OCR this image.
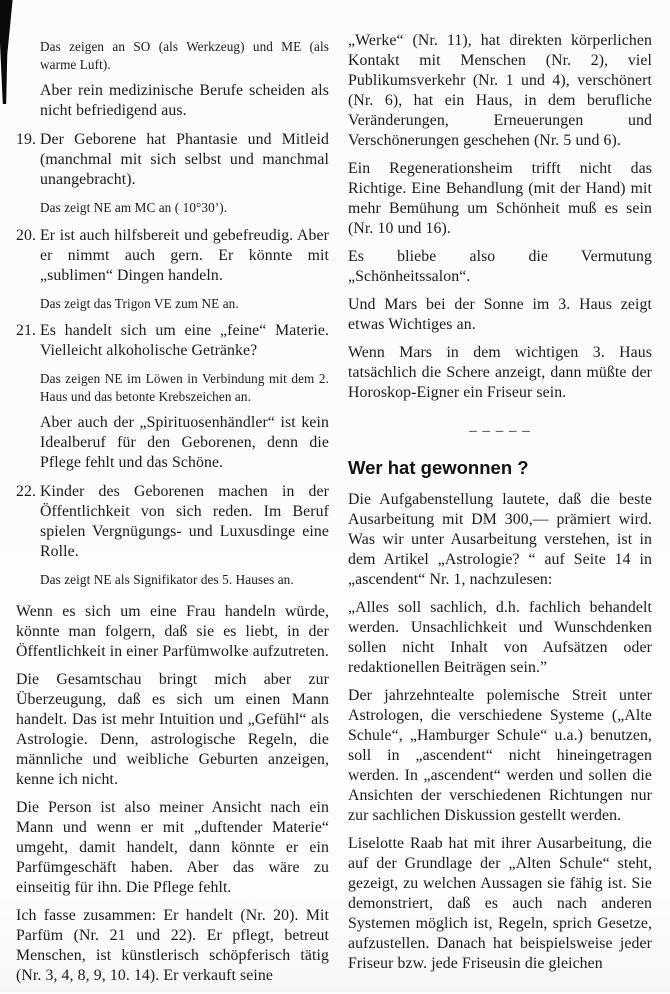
Das zeigen an SO (als Werkzeug) und ME (als warme Luft).

Aber rein medizinische Berufe scheiden als nicht befriedigend aus.

19. Der Geborene hat Phantasie und Mitleid (manchmal mit sich selbst und manchmal unangebracht).

Das zeigt NE am MC an ( 10°30’).

20. Er ist auch hilfsbereit und gebefreudig. Aber er nimmt auch gern. Er könnte mit „sublimen“ Dingen handeln.

Das zeigt das Trigon VE zum NE an.

21. Es handelt sich um eine „feine“ Materie. Vielleicht alkoholische Getränke?

Das zeigen NE im Löwen in Verbindung mit dem 2. Haus und das betonte Krebszeichen an.

Aber auch der „Spirituosenhändler“ ist kein Idealberuf für den Geborenen, denn die Pflege fehlt und das Schöne.

22. Kinder des Geborenen machen in der Öffentlichkeit von sich reden. Im Beruf spielen Vergnügungs- und Luxusdinge eine Rolle.

Das zeigt NE als Signifikator des 5. Hauses an.

Wenn es sich um eine Frau handeln würde, könnte man folgern, daß sie es liebt, in der Öffentlichkeit in einer Parfümwolke aufzutreten.

Die Gesamtschau bringt mich aber zur Überzeugung, daß es sich um einen Mann handelt. Das ist mehr Intuition und „Gefühl“ als Astrologie. Denn, astrologische Regeln, die männliche und weibliche Geburten anzeigen, kenne ich nicht.

Die Person ist also meiner Ansicht nach ein Mann und wenn er mit „duftender Materie“ umgeht, damit handelt, dann könnte er ein Parfümgeschäft haben. Aber das wäre zu einseitig für ihn. Die Pflege fehlt.

Ich fasse zusammen: Er handelt (Nr. 20). Mit Parfüm (Nr. 21 und 22). Er pflegt, betreut Menschen, ist künstlerisch schöpferisch tätig (Nr. 3, 4, 8, 9, 10. 14). Er verkauft seine

„Werke“ (Nr. 11), hat direkten körperlichen Kontakt mit Menschen (Nr. 2), viel Publikumsverkehr (Nr. 1 und 4), verschönert (Nr. 6), hat ein Haus, in dem berufliche Veränderungen, Erneuerungen und Verschönerungen geschehen (Nr. 5 und 6).

Ein Regenerationsheim trifft nicht das Richtige. Eine Behandlung (mit der Hand) mit mehr Bemühung um Schönheit muß es sein (Nr. 10 und 16).

Es bliebe also die Vermutung „Schönheitssalon“.

Und Mars bei der Sonne im 3. Haus zeigt etwas Wichtiges an.

Wenn Mars in dem wichtigen 3. Haus tatsächlich die Schere anzeigt, dann müßte der Horoskop-Eigner ein Friseur sein.

– – – – –
Wer hat gewonnen ?

Die Aufgabenstellung lautete, daß die beste Ausarbeitung mit DM 300,— prämiert wird. Was wir unter Ausarbeitung verstehen, ist in dem Artikel „Astrologie? “ auf Seite 14 in „ascendent“ Nr. 1, nachzulesen:

„Alles soll sachlich, d.h. fachlich behandelt werden. Unsachlichkeit und Wunschdenken sollen nicht Inhalt von Aufsätzen oder redaktionellen Beiträgen sein.”

Der jahrzehntealte polemische Streit unter Astrologen, die verschiedene Systeme („Alte Schule“, „Hamburger Schule“ u.a.) benutzen, soll in „ascendent“ nicht hineingetragen werden. In „ascendent“ werden und sollen die Ansichten der verschiedenen Richtungen nur zur sachlichen Diskussion gestellt werden.

Liselotte Raab hat mit ihrer Ausarbeitung, die auf der Grundlage der „Alten Schule“ steht, gezeigt, zu welchen Aussagen sie fähig ist. Sie demonstriert, daß es auch nach anderen Systemen möglich ist, Regeln, sprich Gesetze, aufzustellen. Danach hat beispielsweise jeder Friseur bzw. jede Friseusin die gleichen
